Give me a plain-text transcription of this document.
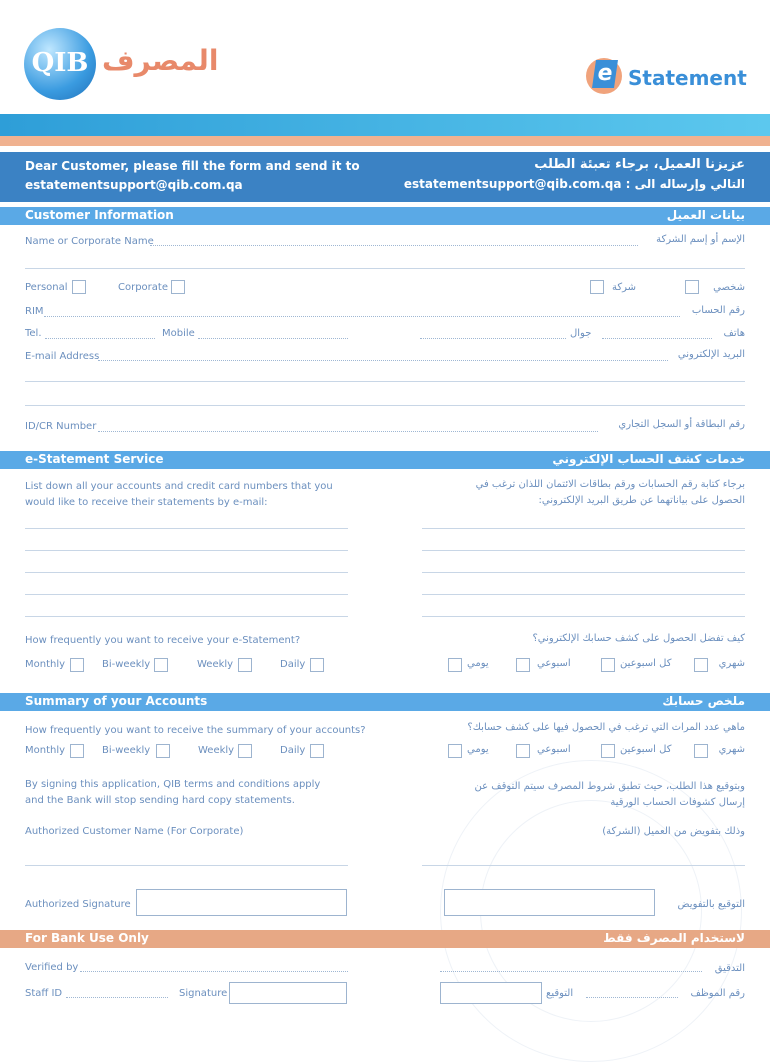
QIB المصرف	e Statement
Dear Customer, please fill the form and send it to
estatementsupport@qib.com.qa
عزيزنا العميل، برجاء تعبئة الطلب
التالي وإرساله الى : estatementsupport@qib.com.qa
Customer Information	بيانات العميل
Name or Corporate Name	الإسم أو إسم الشركة
Personal	Corporate	شركة	شخصي
RIM	رقم الحساب
Tel.	Mobile	جوال	هاتف
E-mail Address	البريد الإلكتروني
ID/CR Number	رقم البطاقة أو السجل التجاري
e-Statement Service	خدمات كشف الحساب الإلكتروني
List down all your accounts and credit card numbers that you
would like to receive their statements by e-mail:
برجاء كتابة رقم الحسابات ورقم بطاقات الائتمان اللذان ترغب في
الحصول على بياناتهما عن طريق البريد الإلكتروني:
How frequently you want to receive your e-Statement?	كيف تفضل الحصول على كشف حسابك الإلكتروني؟
Monthly	Bi-weekly	Weekly	Daily	يومي	اسبوعي	كل اسبوعين	شهري
Summary of your Accounts	ملخص حسابك
How frequently you want to receive the summary of your accounts?	ماهي عدد المرات التي ترغب في الحصول فيها على كشف حسابك؟
Monthly	Bi-weekly	Weekly	Daily	يومي	اسبوعي	كل اسبوعين	شهري
By signing this application, QIB terms and conditions apply
and the Bank will stop sending hard copy statements.
وبتوقيع هذا الطلب، حيث تطبق شروط المصرف سيتم التوقف عن
إرسال كشوفات الحساب الورقية
Authorized Customer Name (For Corporate)	وذلك بتفويض من العميل (الشركة)
Authorized Signature	التوقيع بالتفويض
For Bank Use Only	لاستخدام المصرف فقط
Verified by	التدقيق
Staff ID	Signature	التوقيع	رقم الموظف
